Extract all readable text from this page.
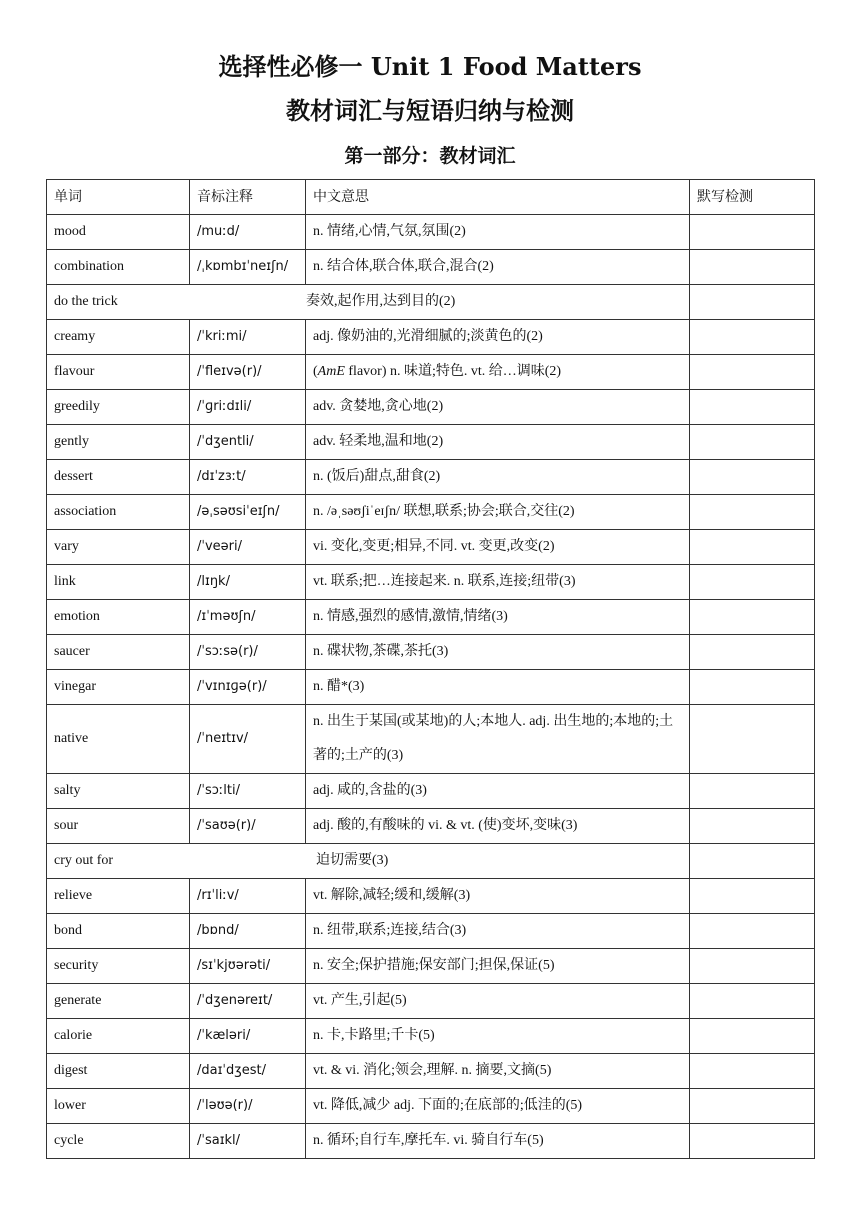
选择性必修一 Unit 1 Food Matters
教材词汇与短语归纳与检测
第一部分：教材词汇
单词	音标注释	中文意思	默写检测
mood	/muːd/	n. 情绪,心情,气氛,氛围(2)	
combination	/ˌkɒmbɪˈneɪʃn/	n. 结合体,联合体,联合,混合(2)	
do the trick 奏效,起作用,达到目的(2)			
creamy	/ˈkriːmi/	adj. 像奶油的,光滑细腻的;淡黄色的(2)	
flavour	/ˈfleɪvə(r)/	(AmE flavor) n. 味道;特色. vt. 给…调味(2)	
greedily	/ˈɡriːdɪli/	adv. 贪婪地,贪心地(2)	
gently	/ˈdʒentli/	adv. 轻柔地,温和地(2)	
dessert	/dɪˈzɜːt/	n. (饭后)甜点,甜食(2)	
association	/əˌsəʊsiˈeɪʃn/	n. /əˌsəʊʃiˈeɪʃn/ 联想,联系;协会;联合,交往(2)	
vary	/ˈveəri/	vi. 变化,变更;相异,不同. vt. 变更,改变(2)	
link	/lɪŋk/	vt. 联系;把…连接起来. n. 联系,连接;纽带(3)	
emotion	/ɪˈməʊʃn/	n. 情感,强烈的感情,激情,情绪(3)	
saucer	/ˈsɔːsə(r)/	n. 碟状物,茶碟,茶托(3)	
vinegar	/ˈvɪnɪɡə(r)/	n. 醋*(3)	
native	/ˈneɪtɪv/	n. 出生于某国(或某地)的人;本地人. adj. 出生地的;本地的;土著的;土产的(3)	
salty	/ˈsɔːlti/	adj. 咸的,含盐的(3)	
sour	/ˈsaʊə(r)/	adj. 酸的,有酸味的 vi. & vt. (使)变坏,变味(3)	
cry out for 迫切需要(3)			
relieve	/rɪˈliːv/	vt. 解除,减轻;缓和,缓解(3)	
bond	/bɒnd/	n. 纽带,联系;连接,结合(3)	
security	/sɪˈkjʊərəti/	n. 安全;保护措施;保安部门;担保,保证(5)	
generate	/ˈdʒenəreɪt/	vt. 产生,引起(5)	
calorie	/ˈkæləri/	n. 卡,卡路里;千卡(5)	
digest	/daɪˈdʒest/	vt. & vi. 消化;领会,理解. n. 摘要,文摘(5)	
lower	/ˈləʊə(r)/	vt. 降低,减少 adj. 下面的;在底部的;低洼的(5)	
cycle	/ˈsaɪkl/	n. 循环;自行车,摩托车. vi. 骑自行车(5)	
